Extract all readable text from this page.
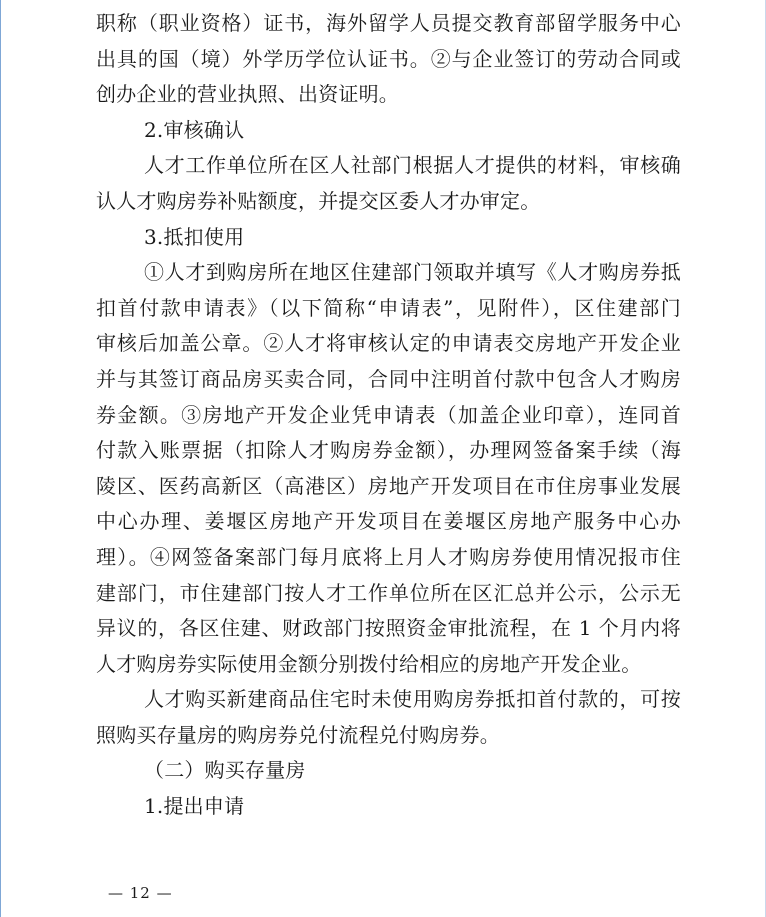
职称（职业资格）证书，海外留学人员提交教育部留学服务中心
出具的国（境）外学历学位认证书。②与企业签订的劳动合同或
创办企业的营业执照、出资证明。
2.审核确认
人才工作单位所在区人社部门根据人才提供的材料，审核确
认人才购房券补贴额度，并提交区委人才办审定。
3.抵扣使用
①人才到购房所在地区住建部门领取并填写《人才购房券抵
扣首付款申请表》（以下简称“申请表”，见附件），区住建部门
审核后加盖公章。②人才将审核认定的申请表交房地产开发企业
并与其签订商品房买卖合同，合同中注明首付款中包含人才购房
券金额。③房地产开发企业凭申请表（加盖企业印章），连同首
付款入账票据（扣除人才购房券金额），办理网签备案手续（海
陵区、医药高新区（高港区）房地产开发项目在市住房事业发展
中心办理、姜堰区房地产开发项目在姜堰区房地产服务中心办
理）。④网签备案部门每月底将上月人才购房券使用情况报市住
建部门，市住建部门按人才工作单位所在区汇总并公示，公示无
异议的，各区住建、财政部门按照资金审批流程，在 1 个月内将
人才购房券实际使用金额分别拨付给相应的房地产开发企业。
人才购买新建商品住宅时未使用购房券抵扣首付款的，可按
照购买存量房的购房券兑付流程兑付购房券。
（二）购买存量房
1.提出申请
— 12 —
